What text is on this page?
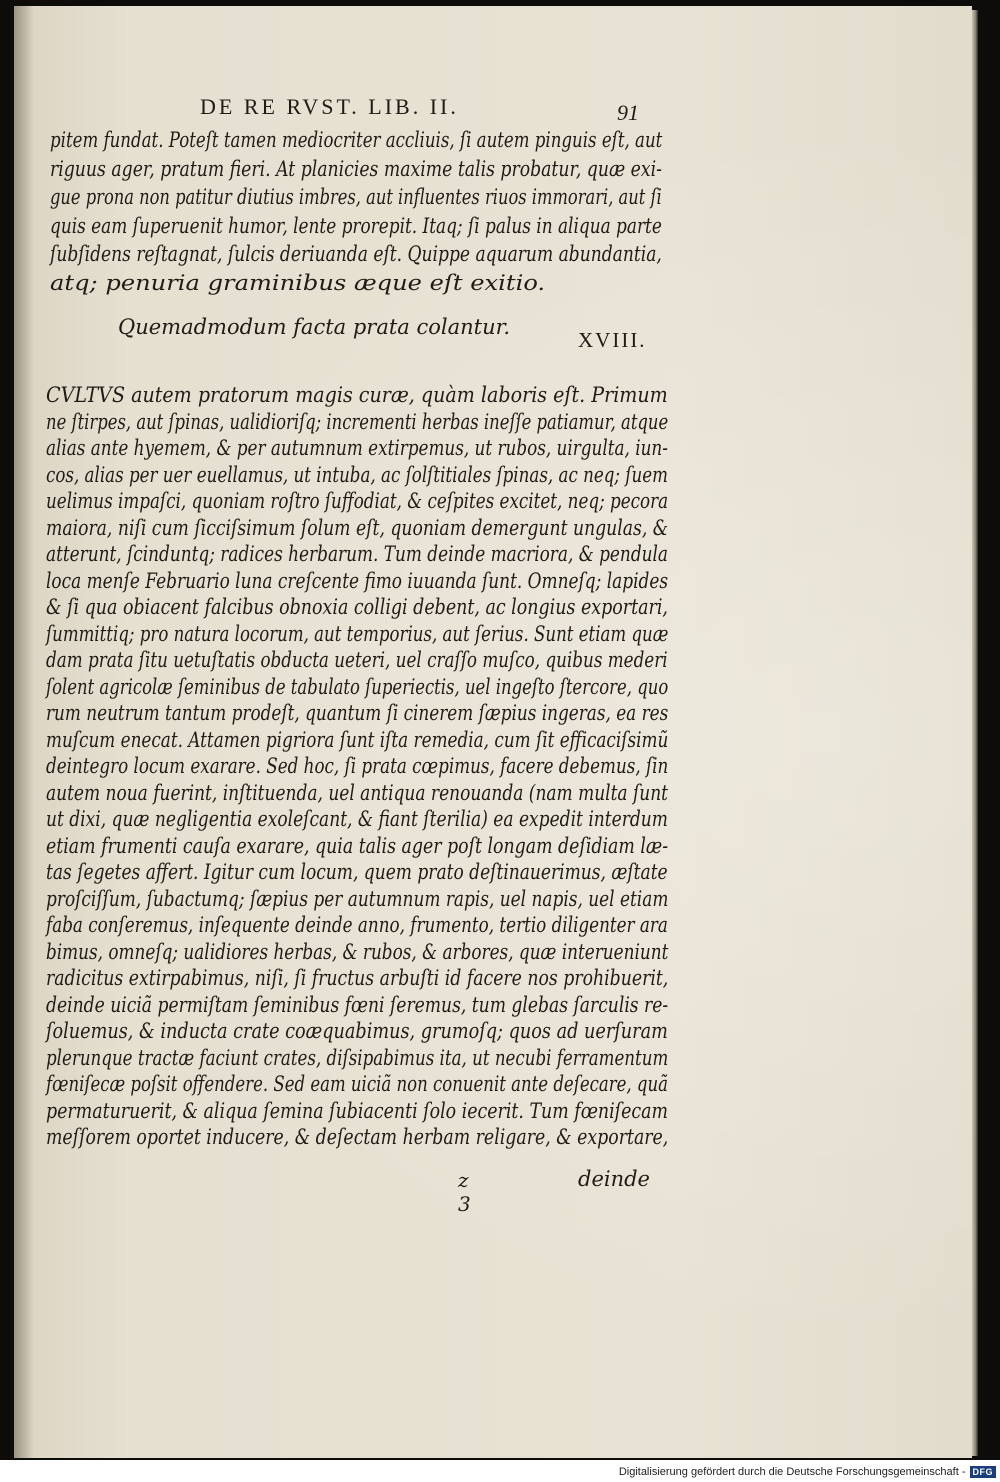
DE RE RVST. LIB. II.	91
pitem fundat. Poteſt tamen mediocriter accliuis, ſi autem pinguis eſt, aut
riguus ager, pratum fieri. At planicies maxime talis probatur, quæ exi-
gue prona non patitur diutius imbres, aut influentes riuos immorari, aut ſi
quis eam ſuperuenit humor, lente prorepit. Itaq; ſi palus in aliqua parte
ſubſidens reſtagnat, ſulcis deriuanda eſt. Quippe aquarum abundantia,
atq; penuria graminibus æque eſt exitio.
Quemadmodum facta prata colantur.
XVIII.
CVLTVS autem pratorum magis curæ, quàm laboris eſt. Primum
ne ſtirpes, aut ſpinas, ualidioriſq; incrementi herbas ineſſe patiamur, atque
alias ante hyemem, & per autumnum extirpemus, ut rubos, uirgulta, iun-
cos, alias per uer euellamus, ut intuba, ac ſolſtitiales ſpinas, ac neq; ſuem
uelimus impaſci, quoniam roſtro ſuffodiat, & ceſpites excitet, neq; pecora
maiora, niſi cum ſicciſsimum ſolum eſt, quoniam demergunt ungulas, &
atterunt, ſcinduntq; radices herbarum. Tum deinde macriora, & pendula
loca menſe Februario luna creſcente fimo iuuanda ſunt. Omneſq; lapides
& ſi qua obiacent falcibus obnoxia colligi debent, ac longius exportari,
ſummittiq; pro natura locorum, aut temporius, aut ſerius. Sunt etiam quæ
dam prata ſitu uetuſtatis obducta ueteri, uel craſſo muſco, quibus mederi
ſolent agricolæ ſeminibus de tabulato ſuperiectis, uel ingeſto ſtercore, quo
rum neutrum tantum prodeſt, quantum ſi cinerem ſæpius ingeras, ea res
muſcum enecat. Attamen pigriora ſunt iſta remedia, cum ſit efficaciſsimũ
deintegro locum exarare. Sed hoc, ſi prata cœpimus, facere debemus, ſin
autem noua fuerint, inſtituenda, uel antiqua renouanda (nam multa ſunt
ut dixi, quæ negligentia exoleſcant, & fiant ſterilia) ea expedit interdum
etiam frumenti cauſa exarare, quia talis ager poſt longam deſidiam læ-
tas ſegetes affert. Igitur cum locum, quem prato deſtinauerimus, æſtate
proſciſſum, ſubactumq; ſæpius per autumnum rapis, uel napis, uel etiam
faba conſeremus, inſequente deinde anno, frumento, tertio diligenter ara
bimus, omneſq; ualidiores herbas, & rubos, & arbores, quæ interueniunt
radicitus extirpabimus, niſi, ſi fructus arbuſti id facere nos prohibuerit,
deinde uiciã permiſtam ſeminibus fœni ſeremus, tum glebas ſarculis re-
ſoluemus, & inducta crate coæquabimus, grumoſq; quos ad uerſuram
plerunque tractæ faciunt crates, diſsipabimus ita, ut necubi ferramentum
fœniſecæ poſsit offendere. Sed eam uiciã non conuenit ante deſecare, quã
permaturuerit, & aliqua ſemina ſubiacenti ſolo iecerit. Tum fœniſecam
meſſorem oportet inducere, & deſectam herbam religare, & exportare,
z 3
deinde
Digitalisierung gefördert durch die Deutsche Forschungsgemeinschaft - DFG
